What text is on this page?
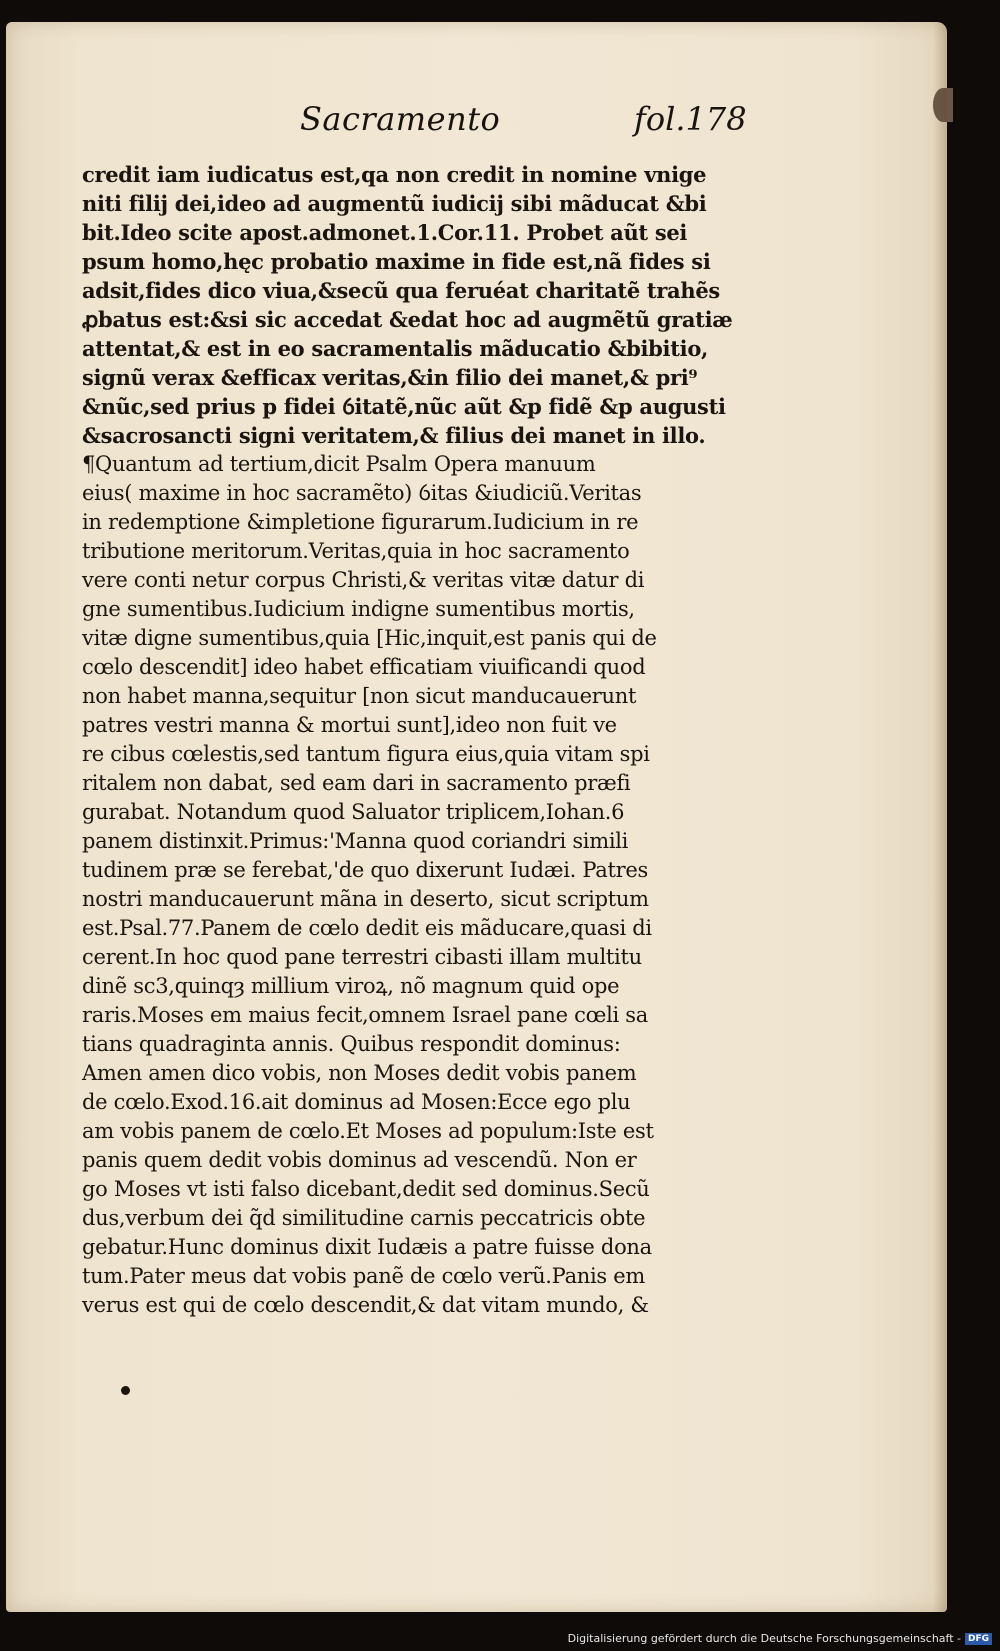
Sacramento	fol.178
credit iam iudicatus est,qa non credit in nomine vnige
niti filij dei,ideo ad augmentũ iudicij sibi mãducat &bi
bit.Ideo scite apost.admonet.1.Cor.11. Probet aũt sei
psum homo,hęc probatio maxime in fide est,nã fides si
adsit,fides dico viua,&secũ qua feruéat charitatẽ trahẽs
ꝓbatus est:&si sic accedat &edat hoc ad augmẽtũ gratiæ
attentat,& est in eo sacramentalis mãducatio &bibitio,
signũ verax &efficax veritas,&in filio dei manet,& pri⁹
&nũc,sed prius p fidei ỽitatẽ,nũc aũt &p fidẽ &p augusti
&sacrosancti signi veritatem,& filius dei manet in illo.
¶Quantum ad tertium,dicit Psalm Opera manuum
eius( maxime in hoc sacramẽto) ỽitas &iudiciũ.Veritas
in redemptione &impletione figurarum.Iudicium in re
tributione meritorum.Veritas,quia in hoc sacramento
vere conti netur corpus Christi,& veritas vitæ datur di
gne sumentibus.Iudicium indigne sumentibus mortis,
vitæ digne sumentibus,quia [Hic,inquit,est panis qui de
cœlo descendit] ideo habet efficatiam viuificandi quod
non habet manna,sequitur [non sicut manducauerunt
patres vestri manna & mortui sunt],ideo non fuit ve
re cibus cœlestis,sed tantum figura eius,quia vitam spi
ritalem non dabat, sed eam dari in sacramento præfi
gurabat. Notandum quod Saluator triplicem,Iohan.6
panem distinxit.Primus:'Manna quod coriandri simili
tudinem præ se ferebat,'de quo dixerunt Iudæi. Patres
nostri manducauerunt mãna in deserto, sicut scriptum
est.Psal.77.Panem de cœlo dedit eis mãducare,quasi di
cerent.In hoc quod pane terrestri cibasti illam multitu
dinẽ sc3,quinqȝ millium viroꝝ, nõ magnum quid ope
raris.Moses em maius fecit,omnem Israel pane cœli sa
tians quadraginta annis. Quibus respondit dominus:
Amen amen dico vobis, non Moses dedit vobis panem
de cœlo.Exod.16.ait dominus ad Mosen:Ecce ego plu
am vobis panem de cœlo.Et Moses ad populum:Iste est
panis quem dedit vobis dominus ad vescendũ. Non er
go Moses vt isti falso dicebant,dedit sed dominus.Secũ
dus,verbum dei q̃d similitudine carnis peccatricis obte
gebatur.Hunc dominus dixit Iudæis a patre fuisse dona
tum.Pater meus dat vobis panẽ de cœlo verũ.Panis em
verus est qui de cœlo descendit,& dat vitam mundo, &
Digitalisierung gefördert durch die Deutsche Forschungsgemeinschaft - DFG
